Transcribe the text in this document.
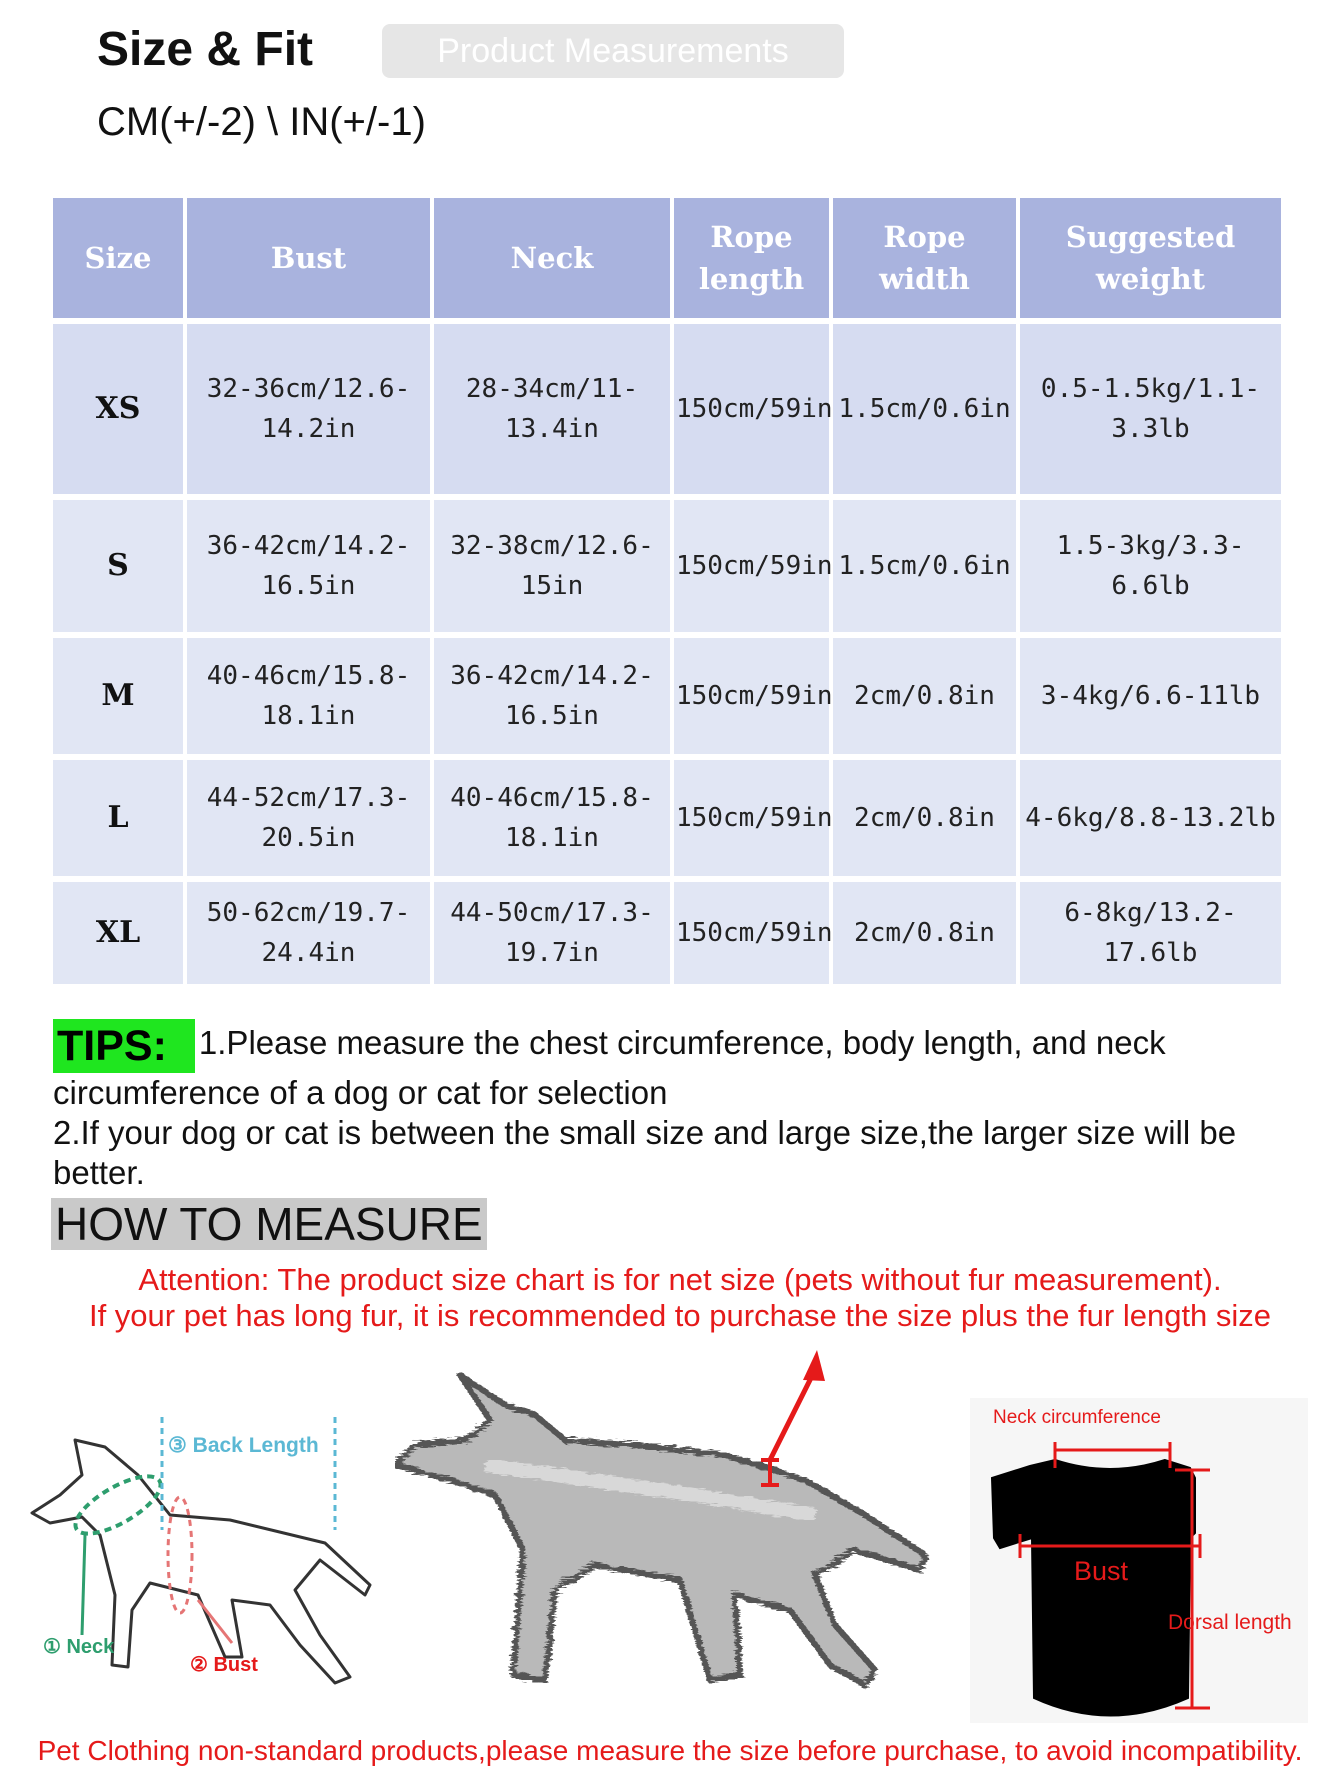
Size & Fit	Product Measurements
CM(+/-2) \ IN(+/-1)
Size	Bust	Neck	Rope length	Rope width	Suggested weight
XS	32-36cm/12.6-14.2in	28-34cm/11-13.4in	150cm/59in	1.5cm/0.6in	0.5-1.5kg/1.1-3.3lb
S	36-42cm/14.2-16.5in	32-38cm/12.6-15in	150cm/59in	1.5cm/0.6in	1.5-3kg/3.3-6.6lb
M	40-46cm/15.8-18.1in	36-42cm/14.2-16.5in	150cm/59in	2cm/0.8in	3-4kg/6.6-11lb
L	44-52cm/17.3-20.5in	40-46cm/15.8-18.1in	150cm/59in	2cm/0.8in	4-6kg/8.8-13.2lb
XL	50-62cm/19.7-24.4in	44-50cm/17.3-19.7in	150cm/59in	2cm/0.8in	6-8kg/13.2-17.6lb
TIPS: 1.Please measure the chest circumference, body length, and neck circumference of a dog or cat for selection
2.If your dog or cat is between the small size and large size,the larger size will be better.
HOW TO MEASURE
Attention: The product size chart is for net size (pets without fur measurement).
If your pet has long fur, it is recommended to purchase the size plus the fur length size
③ Back Length
① Neck
② Bust
Neck circumference
Bust
Dorsal length
Pet Clothing non-standard products,please measure the size before purchase, to avoid incompatibility.
